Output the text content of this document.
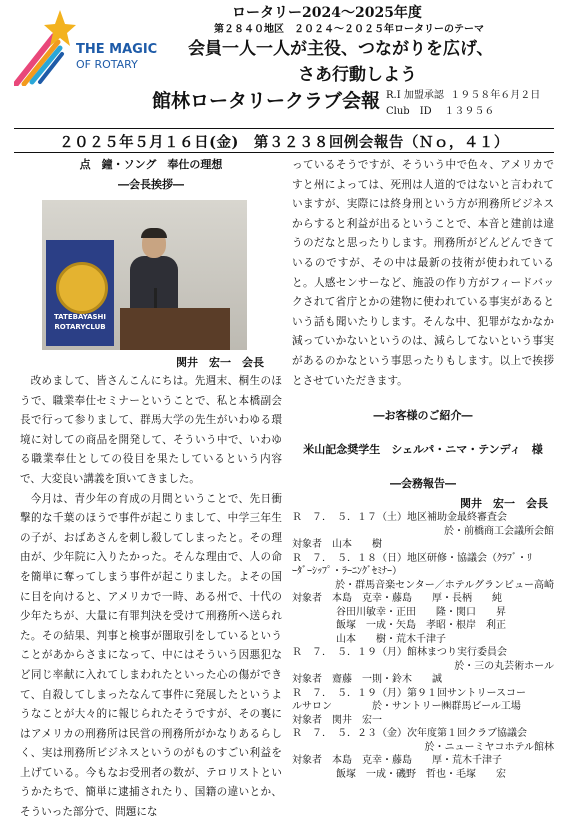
THE MAGIC
OF ROTARY
ロータリー2024～2025年度
第２８４０地区　２０２４～２０２５年ロータリーのテーマ
会員一人一人が主役、つながりを広げ、
さあ行動しよう
館林ロータリークラブ会報 R.I 加盟承認 １９５８年６月２日
Club　ID １３９５６
２０２５年５月１６日(金)　第３２３８回例会報告（Ｎｏ，４１）
点　鐘・ソング　奉仕の理想
―会長挨拶―
TATEBAYASHI ROTARYCLUB
関井　宏一　会長

改めまして、皆さんこんにちは。先週末、桐生のほうで、職業奉仕セミナーということで、私と本橋副会長で行って参りまして、群馬大学の先生がいわゆる環境に対しての商品を開発して、そういう中で、いわゆる職業奉仕としての役目を果たしているという内容で、大変良い講義を頂いてきました。

今月は、青少年の育成の月間ということで、先日衝撃的な千葉のほうで事件が起こりまして、中学三年生の子が、おばあさんを刺し殺してしまったと。その理由が、少年院に入りたかった。そんな理由で、人の命を簡単に奪ってしまう事件が起こりました。よその国に目を向けると、アメリカで一時、ある州で、十代の少年たちが、大量に有罪判決を受けて刑務所へ送られた。その結果、判事と検事が闇取引をしているということがあからさまになって、中にはそういう因悪犯など同じ率献に入れてしまわれたといった心の傷ができて、自殺してしまったなんて事件に発展したというようなことが大々的に報じられたそうですが、その裏にはアメリカの刑務所は民営の刑務所がかなりあるらしく、実は刑務所ビジネスというのがものすごい利益を上げている。今もなお受刑者の数が、テロリストというかたちで、簡単に逮捕されたり、国籍の違いとか、そういった部分で、問題にな

っているそうですが、そういう中で色々、アメリカですと州によっては、死刑は人道的ではないと言われていますが、実際には終身刑という方が刑務所ビジネスからすると利益が出るということで、本音と建前は違うのだなと思ったりします。刑務所がどんどんできているのですが、その中は最新の技術が使われていると。人感センサーなど、施設の作り方がフィードバックされて省庁とかの建物に使われている事実があるという話も聞いたりします。そんな中、犯罪がなかなか減っていかないというのは、減らしてないという事実があるのかなという事思ったりもします。以上で挨拶とさせていただきます。

―お客様のご紹介―
米山記念奨学生　シェルパ・ニマ・テンディ　様
―会務報告―
関井　宏一　会長
Ｒ　７．　５．１７（土）地区補助金最終審査会
於・前橋商工会議所会館
対象者　山本　　樹
Ｒ　７．　５．１８（日）地区研修・協議会（ｸﾗﾌﾞ・ﾘ
ｰﾀﾞｰｼｯﾌﾟ・ﾗｰﾆﾝｸﾞｾﾐﾅｰ）
於・群馬音楽センター／ホテルグランビュー高崎
対象者　本島　克幸・藤島　　厚・長柄　　純
谷田川敏幸・正田　　隆・関口　　昇
飯塚　一成・矢島　孝昭・根岸　利正
山本　　樹・荒木千津子
Ｒ　７．　５．１９（月）館林まつり実行委員会
於・三の丸芸術ホール
対象者　齋藤　一則・鈴木　　誠
Ｒ　７．　５．１９（月）第９１回サントリースコー
ルサロン　　　　於・サントリー㈱群馬ビール工場
対象者　関井　宏一
Ｒ　７．　５．２３（金）次年度第１回クラブ協議会
於・ニューミヤコホテル館林
対象者　本島　克幸・藤島　　厚・荒木千津子
飯塚　一成・磯野　哲也・毛塚　　宏
